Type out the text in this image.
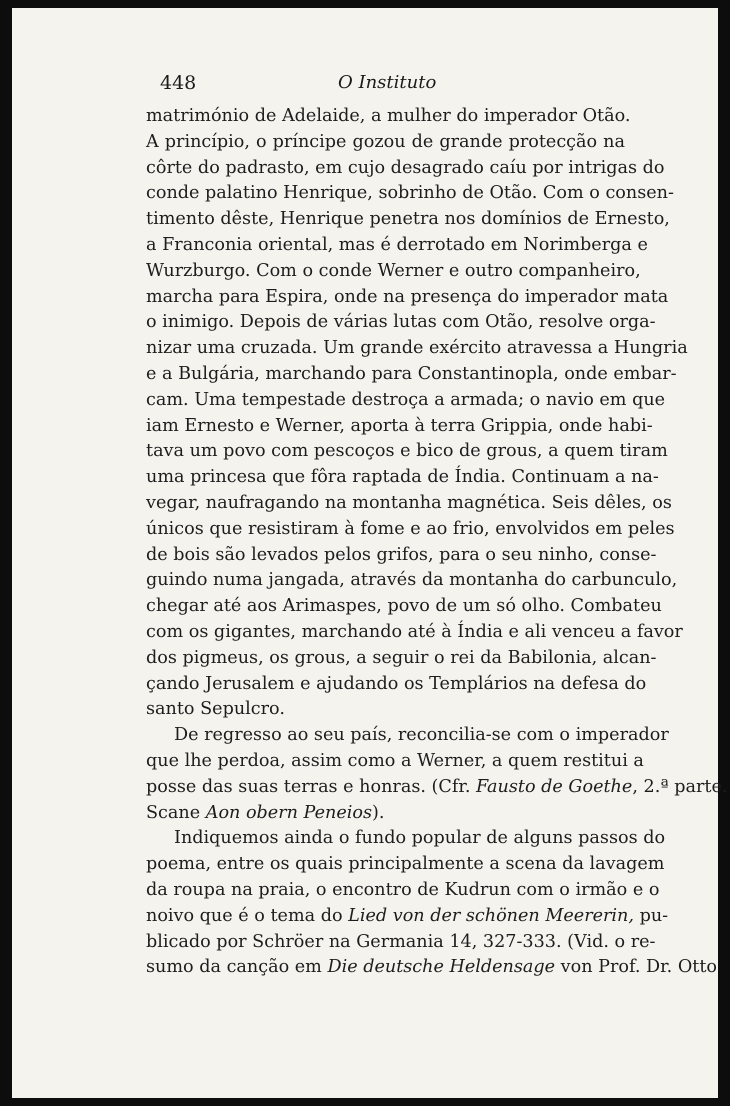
448	O Instituto
matrimónio de Adelaide, a mulher do imperador Otão.
A princípio, o príncipe gozou de grande protecção na
côrte do padrasto, em cujo desagrado caíu por intrigas do
conde palatino Henrique, sobrinho de Otão. Com o consen-
timento dêste, Henrique penetra nos domínios de Ernesto,
a Franconia oriental, mas é derrotado em Norimberga e
Wurzburgo. Com o conde Werner e outro companheiro,
marcha para Espira, onde na presença do imperador mata
o inimigo. Depois de várias lutas com Otão, resolve orga-
nizar uma cruzada. Um grande exército atravessa a Hungria
e a Bulgária, marchando para Constantinopla, onde embar-
cam. Uma tempestade destroça a armada; o navio em que
iam Ernesto e Werner, aporta à terra Grippia, onde habi-
tava um povo com pescoços e bico de grous, a quem tiram
uma princesa que fôra raptada de Índia. Continuam a na-
vegar, naufragando na montanha magnética. Seis dêles, os
únicos que resistiram à fome e ao frio, envolvidos em peles
de bois são levados pelos grifos, para o seu ninho, conse-
guindo numa jangada, através da montanha do carbunculo,
chegar até aos Arimaspes, povo de um só olho. Combateu
com os gigantes, marchando até à Índia e ali venceu a favor
dos pigmeus, os grous, a seguir o rei da Babilonia, alcan-
çando Jerusalem e ajudando os Templários na defesa do
santo Sepulcro.
De regresso ao seu país, reconcilia-se com o imperador
que lhe perdoa, assim como a Werner, a quem restitui a
posse das suas terras e honras. (Cfr. Fausto de Goethe, 2.ª parte.
Scane Aon obern Peneios).
Indiquemos ainda o fundo popular de alguns passos do
poema, entre os quais principalmente a scena da lavagem
da roupa na praia, o encontro de Kudrun com o irmão e o
noivo que é o tema do Lied von der schönen Meererin, pu-
blicado por Schröer na Germania 14, 327-333. (Vid. o re-
sumo da canção em Die deutsche Heldensage von Prof. Dr. Otto
